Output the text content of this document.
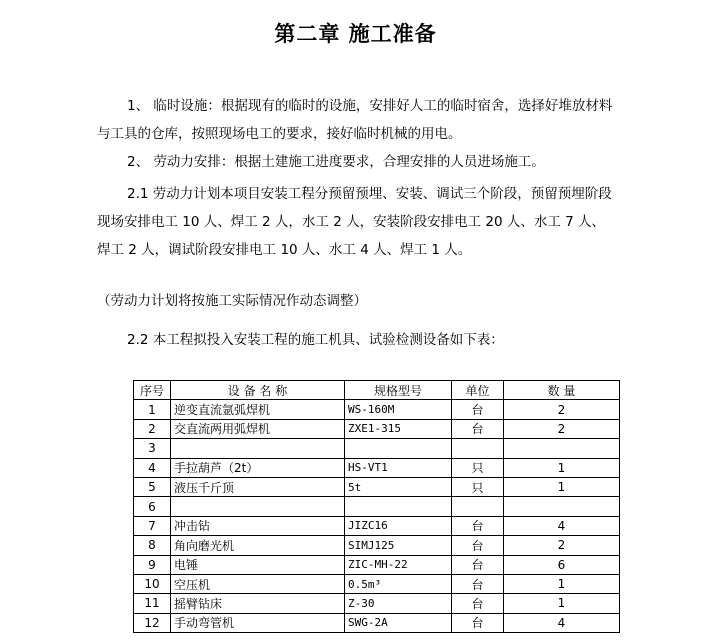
第二章 施工准备
1、 临时设施：根据现有的临时的设施，安排好人工的临时宿舍，选择好堆放材料与工具的仓库，按照现场电工的要求，接好临时机械的用电。
2、 劳动力安排：根据土建施工进度要求，合理安排的人员进场施工。
2.1 劳动力计划本项目安装工程分预留预埋、安装、调试三个阶段，预留预埋阶段现场安排电工 10 人、焊工 2 人，水工 2 人，安装阶段安排电工 20 人、水工 7 人、焊工 2 人，调试阶段安排电工 10 人、水工 4 人、焊工 1 人。
（劳动力计划将按施工实际情况作动态调整）
2.2 本工程拟投入安装工程的施工机具、试验检测设备如下表：
序号	设 备 名 称	规格型号	单位	数 量
1	逆变直流氩弧焊机	WS-160M	台	2
2	交直流两用弧焊机	ZXE1-315	台	2
3				
4	手拉葫芦（2t）	HS-VT1	只	1
5	液压千斤顶	5t	只	1
6				
7	冲击钻	JIZC16	台	4
8	角向磨光机	SIMJ125	台	2
9	电锤	ZIC-MH-22	台	6
10	空压机	0.5m³	台	1
11	摇臂钻床	Z-30	台	1
12	手动弯管机	SWG-2A	台	4
